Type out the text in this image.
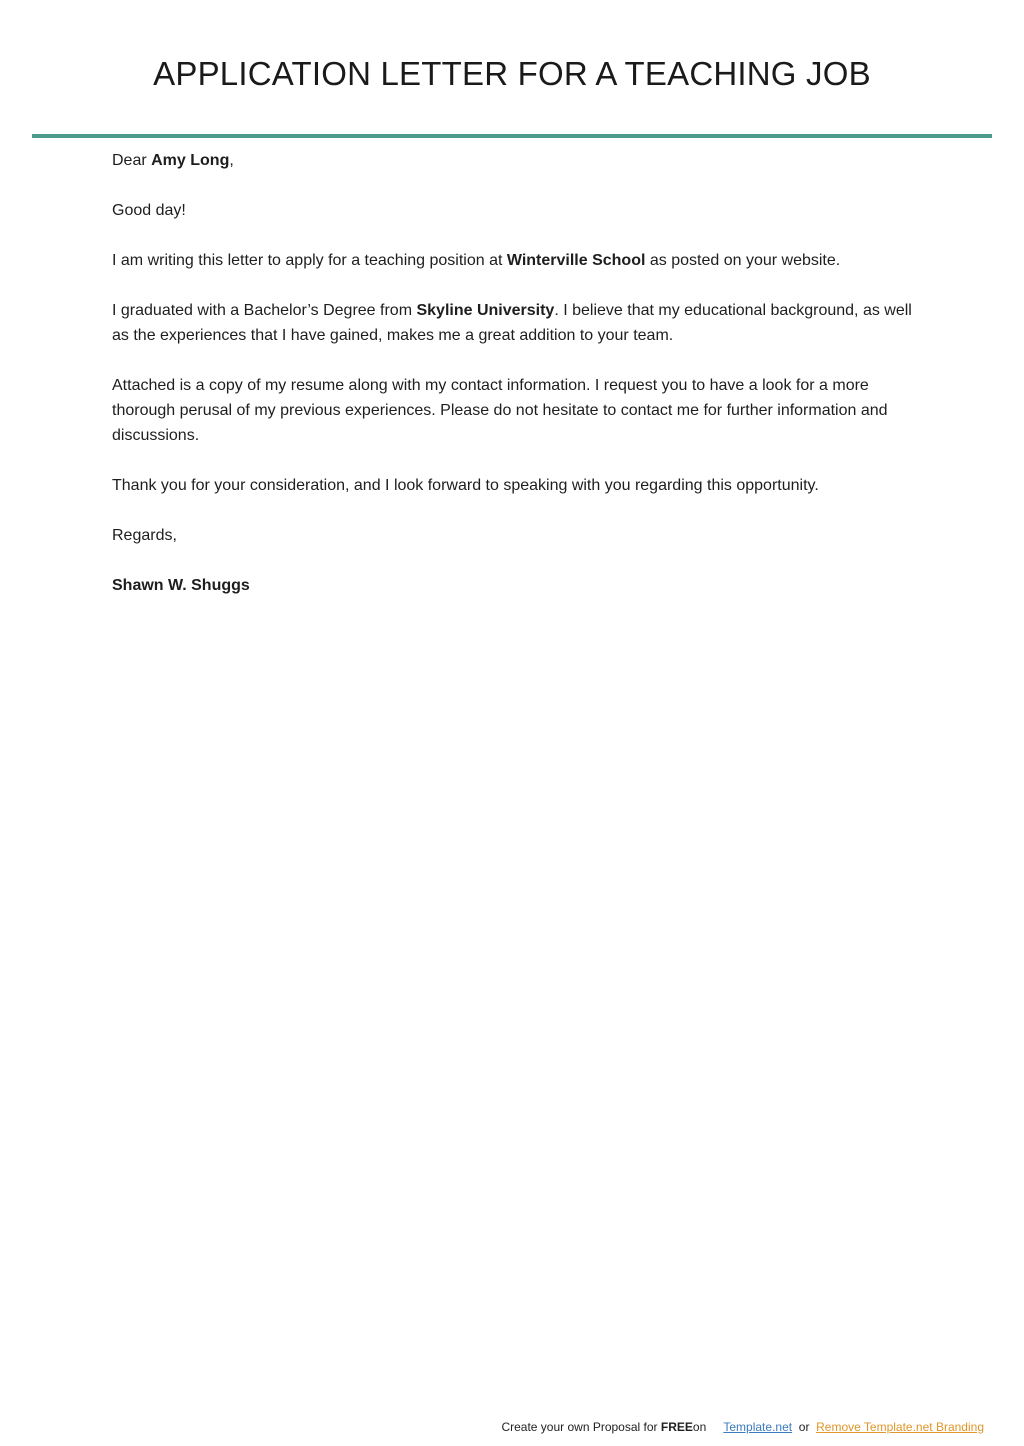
APPLICATION LETTER FOR A TEACHING JOB

Dear Amy Long,

Good day!

I am writing this letter to apply for a teaching position at Winterville School as posted on your website.

I graduated with a Bachelor’s Degree from Skyline University. I believe that my educational background, as well as the experiences that I have gained, makes me a great addition to your team.

Attached is a copy of my resume along with my contact information. I request you to have a look for a more thorough perusal of my previous experiences. Please do not hesitate to contact me for further information and discussions.

Thank you for your consideration, and I look forward to speaking with you regarding this opportunity.

Regards,

Shawn W. Shuggs

Create your own Proposal for FREEon Template.net or Remove Template.net Branding
